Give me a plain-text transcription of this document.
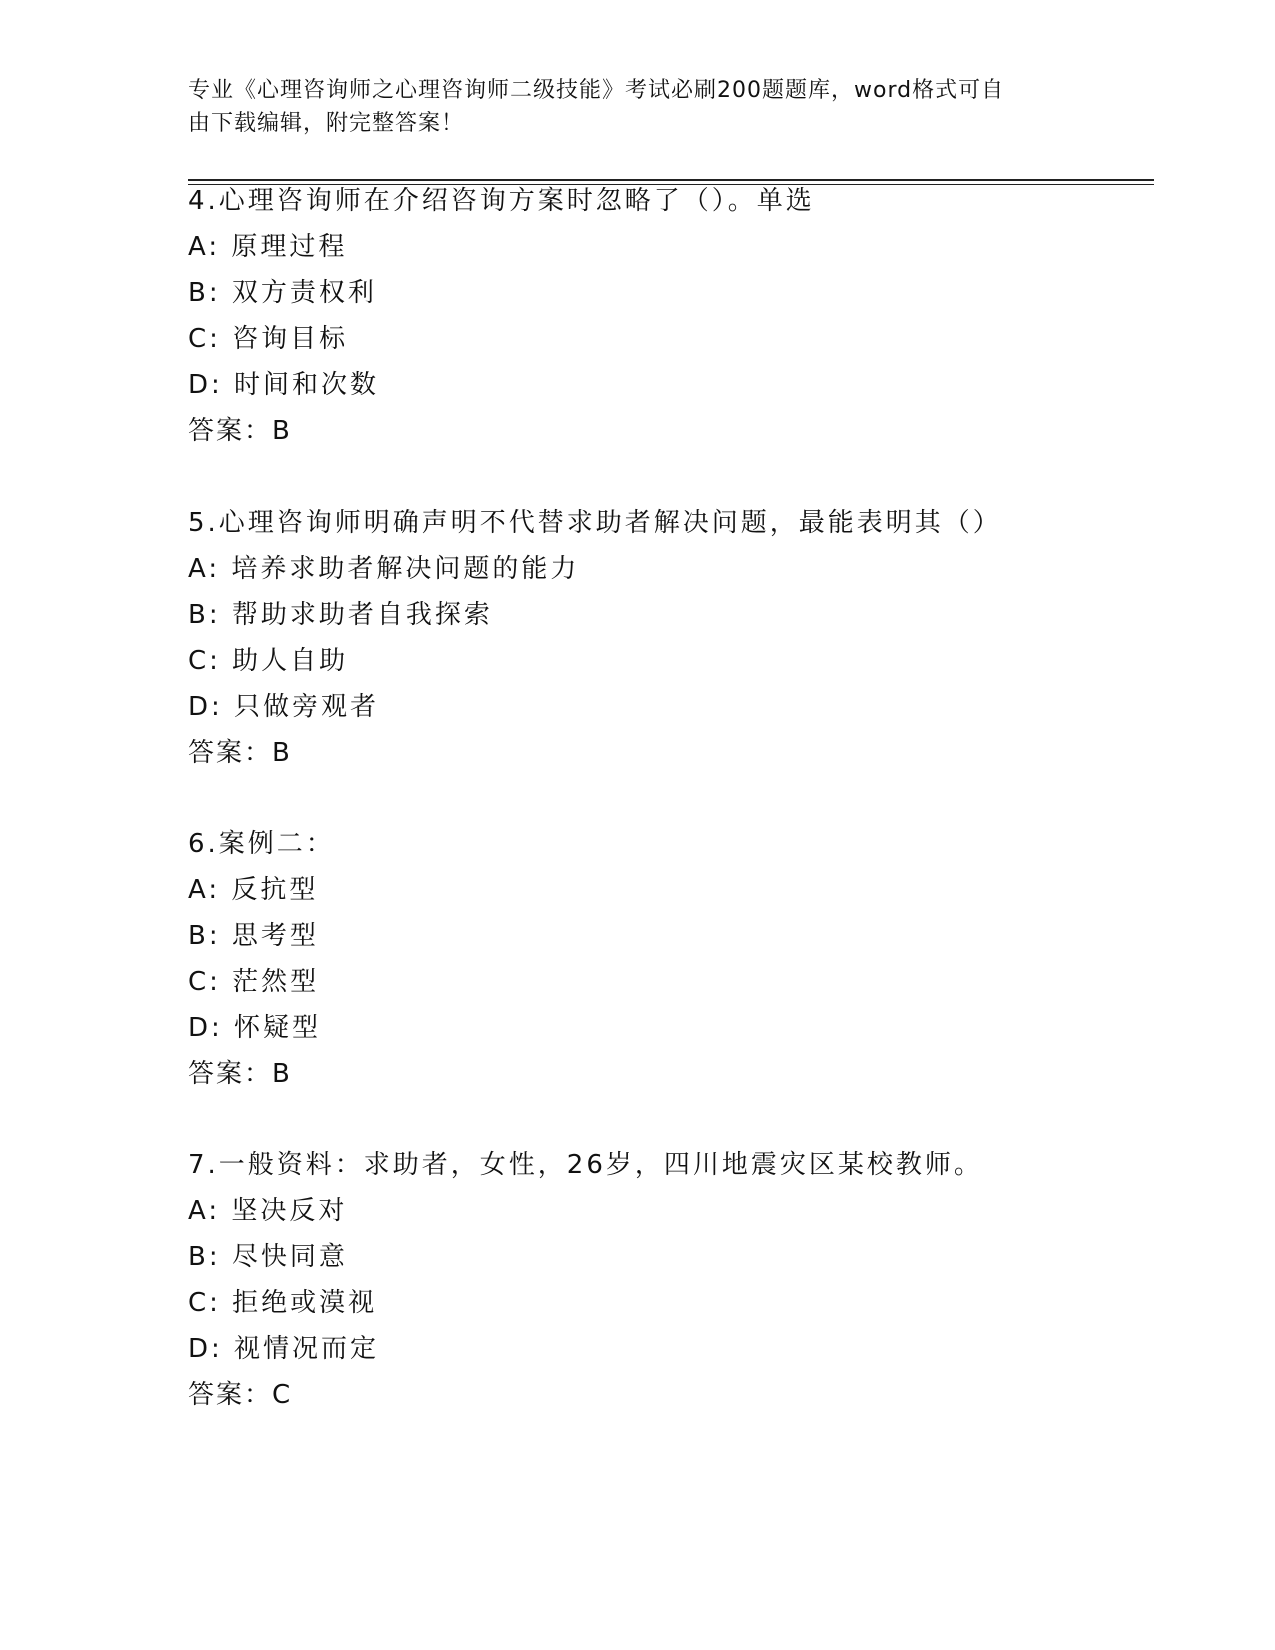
专业《心理咨询师之心理咨询师二级技能》考试必刷200题题库，word格式可自
由下载编辑，附完整答案！
4.心理咨询师在介绍咨询方案时忽略了（）。单选
A: 原理过程
B: 双方责权利
C: 咨询目标
D: 时间和次数
答案：B
5.心理咨询师明确声明不代替求助者解决问题，最能表明其（）
A: 培养求助者解决问题的能力
B: 帮助求助者自我探索
C: 助人自助
D: 只做旁观者
答案：B
6.案例二：
A: 反抗型
B: 思考型
C: 茫然型
D: 怀疑型
答案：B
7.一般资料：求助者，女性，26岁，四川地震灾区某校教师。
A: 坚决反对
B: 尽快同意
C: 拒绝或漠视
D: 视情况而定
答案：C
